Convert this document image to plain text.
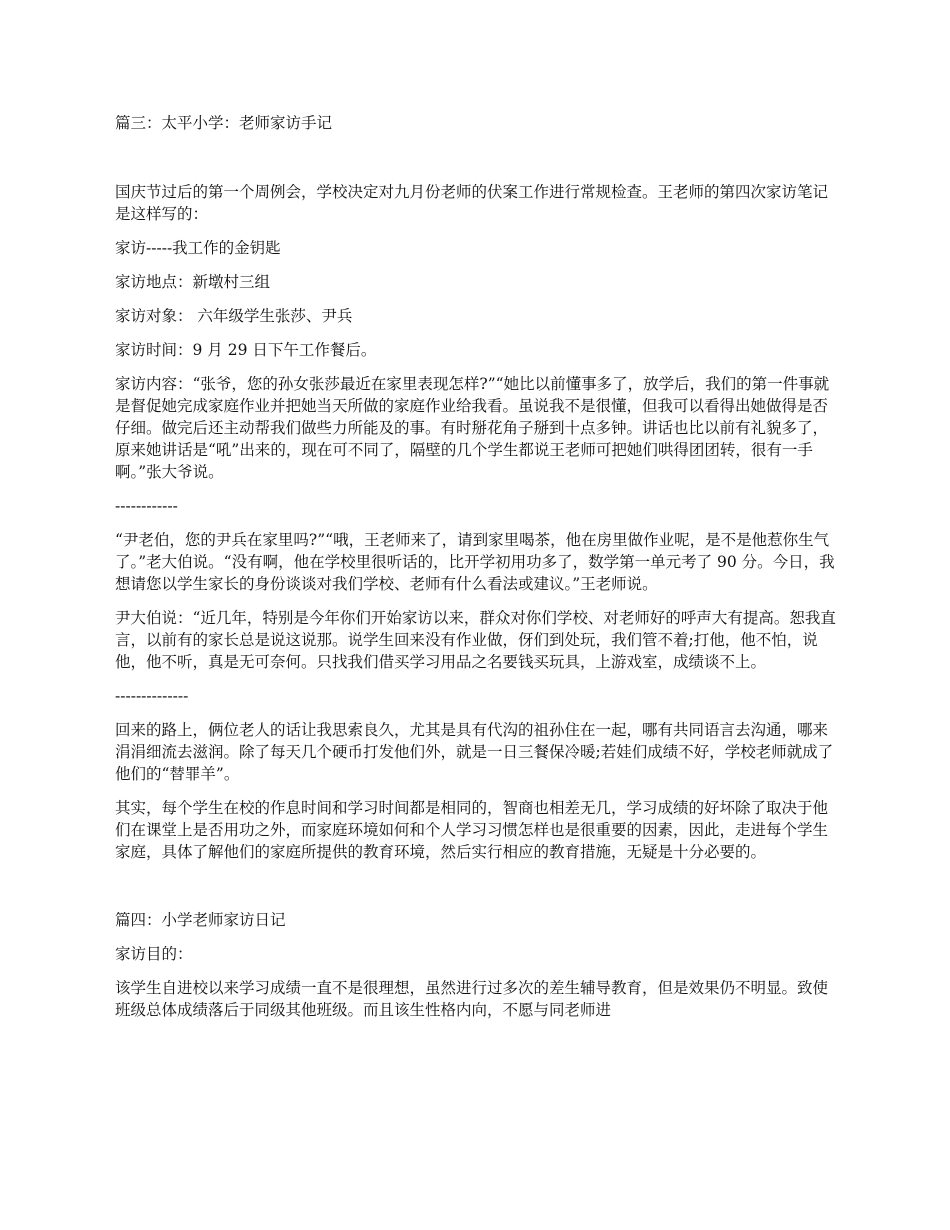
篇三：太平小学：老师家访手记

国庆节过后的第一个周例会，学校决定对九月份老师的伏案工作进行常规检查。王老师的第四次家访笔记是这样写的：

家访-----我工作的金钥匙

家访地点：新墩村三组

家访对象： 六年级学生张莎、尹兵

家访时间：9 月 29 日下午工作餐后。

家访内容：“张爷，您的孙女张莎最近在家里表现怎样?”“她比以前懂事多了，放学后，我们的第一件事就是督促她完成家庭作业并把她当天所做的家庭作业给我看。虽说我不是很懂，但我可以看得出她做得是否仔细。做完后还主动帮我们做些力所能及的事。有时掰花角子掰到十点多钟。讲话也比以前有礼貌多了，原来她讲话是“吼”出来的，现在可不同了，隔壁的几个学生都说王老师可把她们哄得团团转，很有一手啊。”张大爷说。

------------

“尹老伯，您的尹兵在家里吗?”“哦，王老师来了，请到家里喝茶，他在房里做作业呢，是不是他惹你生气了。”老大伯说。“没有啊，他在学校里很听话的，比开学初用功多了，数学第一单元考了 90 分。今日，我想请您以学生家长的身份谈谈对我们学校、老师有什么看法或建议。”王老师说。

尹大伯说：“近几年，特别是今年你们开始家访以来，群众对你们学校、对老师好的呼声大有提高。恕我直言，以前有的家长总是说这说那。说学生回来没有作业做，伢们到处玩，我们管不着;打他，他不怕，说他，他不听，真是无可奈何。只找我们借买学习用品之名要钱买玩具，上游戏室，成绩谈不上。

--------------

回来的路上，俩位老人的话让我思索良久，尤其是具有代沟的祖孙住在一起，哪有共同语言去沟通，哪来涓涓细流去滋润。除了每天几个硬币打发他们外，就是一日三餐保冷暖;若娃们成绩不好，学校老师就成了他们的“替罪羊”。

其实，每个学生在校的作息时间和学习时间都是相同的，智商也相差无几，学习成绩的好坏除了取决于他们在课堂上是否用功之外，而家庭环境如何和个人学习习惯怎样也是很重要的因素，因此，走进每个学生家庭，具体了解他们的家庭所提供的教育环境，然后实行相应的教育措施，无疑是十分必要的。

篇四：小学老师家访日记

家访目的：

该学生自进校以来学习成绩一直不是很理想，虽然进行过多次的差生辅导教育，但是效果仍不明显。致使班级总体成绩落后于同级其他班级。而且该生性格内向，不愿与同老师进
